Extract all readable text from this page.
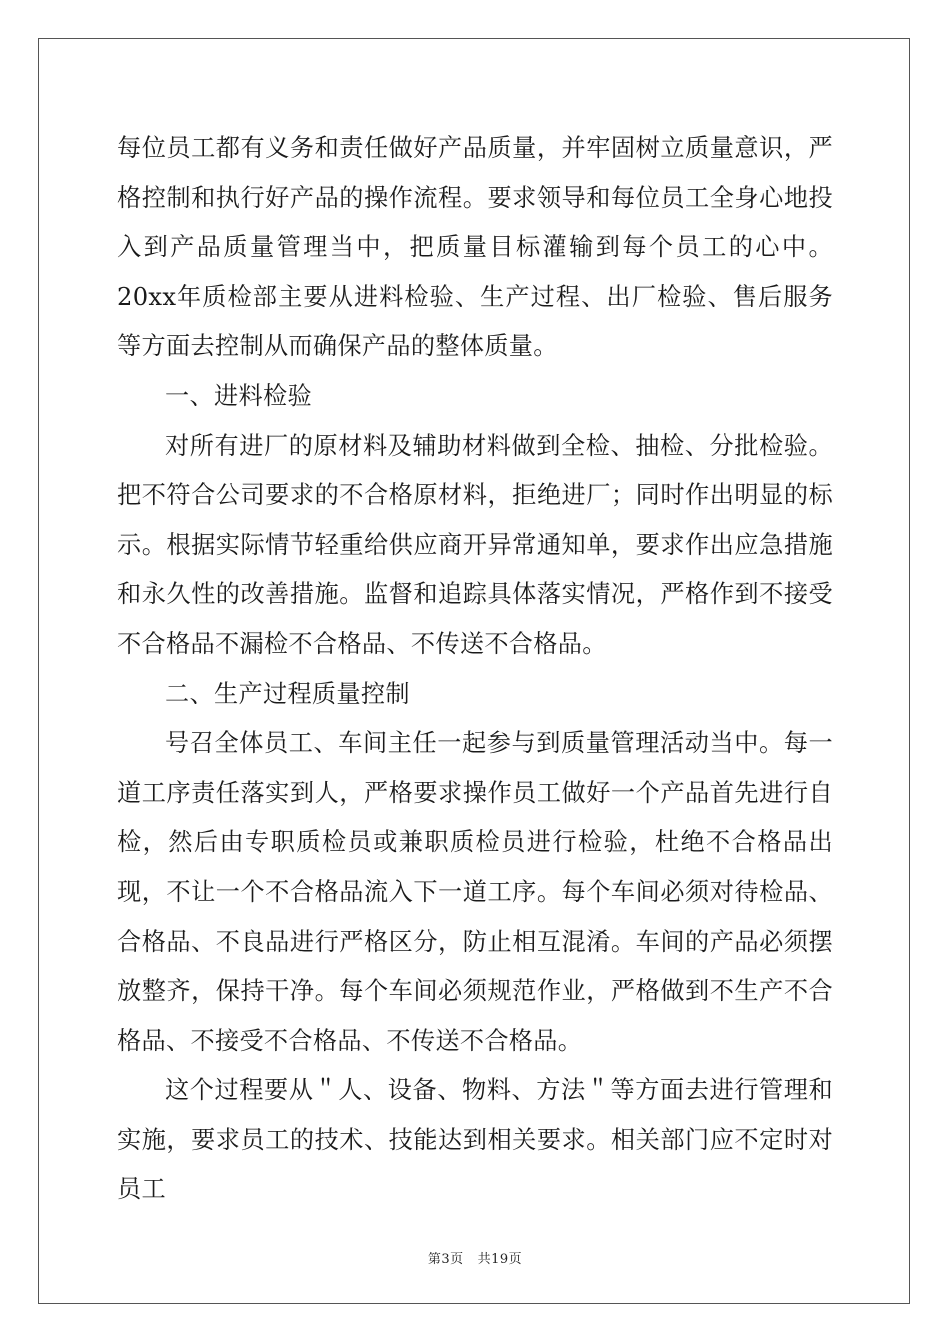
每位员工都有义务和责任做好产品质量，并牢固树立质量意识，严格控制和执行好产品的操作流程。要求领导和每位员工全身心地投入到产品质量管理当中，把质量目标灌输到每个员工的心中。20xx年质检部主要从进料检验、生产过程、出厂检验、售后服务等方面去控制从而确保产品的整体质量。

一、进料检验

对所有进厂的原材料及辅助材料做到全检、抽检、分批检验。把不符合公司要求的不合格原材料，拒绝进厂；同时作出明显的标示。根据实际情节轻重给供应商开异常通知单，要求作出应急措施和永久性的改善措施。监督和追踪具体落实情况，严格作到不接受不合格品不漏检不合格品、不传送不合格品。

二、生产过程质量控制

号召全体员工、车间主任一起参与到质量管理活动当中。每一道工序责任落实到人，严格要求操作员工做好一个产品首先进行自检，然后由专职质检员或兼职质检员进行检验，杜绝不合格品出现，不让一个不合格品流入下一道工序。每个车间必须对待检品、合格品、不良品进行严格区分，防止相互混淆。车间的产品必须摆放整齐，保持干净。每个车间必须规范作业，严格做到不生产不合格品、不接受不合格品、不传送不合格品。

这个过程要从＂人、设备、物料、方法＂等方面去进行管理和实施，要求员工的技术、技能达到相关要求。相关部门应不定时对员工

第3页 共19页
